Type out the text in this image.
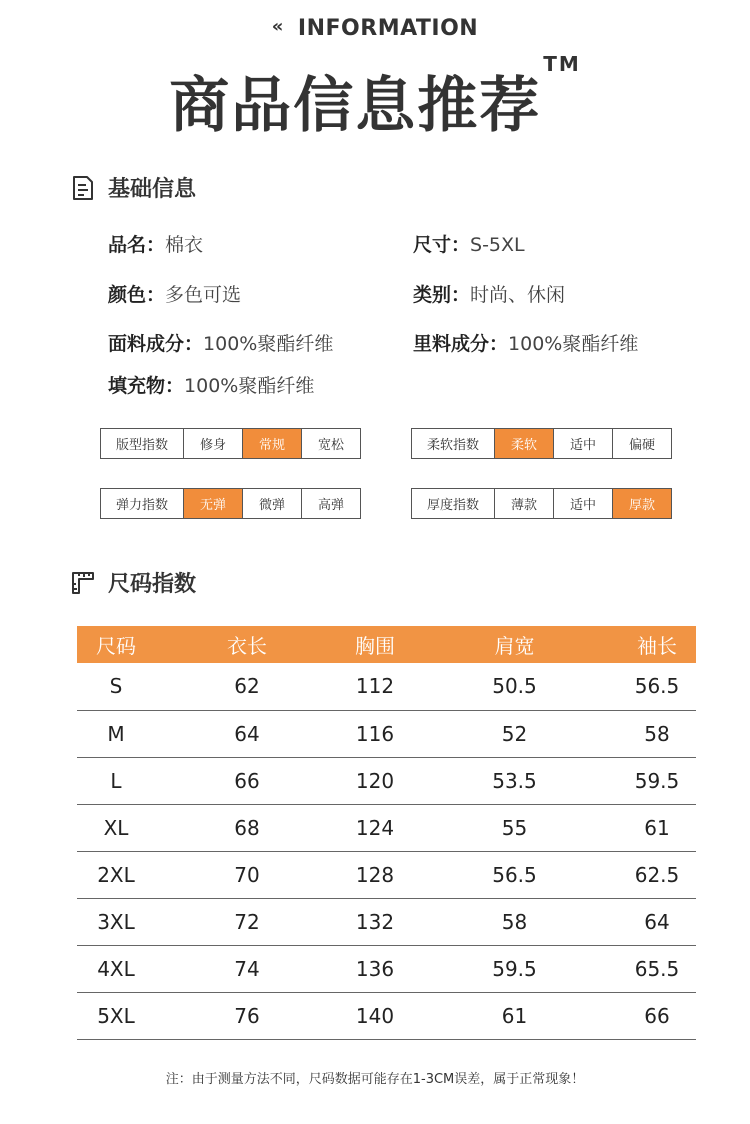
« INFORMATION
商品信息推荐™
基础信息
品名：棉衣	尺寸：S-5XL
颜色：多色可选	类别：时尚、休闲
面料成分：100%聚酯纤维	里料成分：100%聚酯纤维
填充物：100%聚酯纤维
版型指数	修身	常规	宽松	柔软指数	柔软	适中	偏硬
弹力指数	无弹	微弹	高弹	厚度指数	薄款	适中	厚款
尺码指数
尺码	衣长	胸围	肩宽	袖长
S	62	112	50.5	56.5
M	64	116	52	58
L	66	120	53.5	59.5
XL	68	124	55	61
2XL	70	128	56.5	62.5
3XL	72	132	58	64
4XL	74	136	59.5	65.5
5XL	76	140	61	66
注：由于测量方法不同，尺码数据可能存在1-3CM误差，属于正常现象！
